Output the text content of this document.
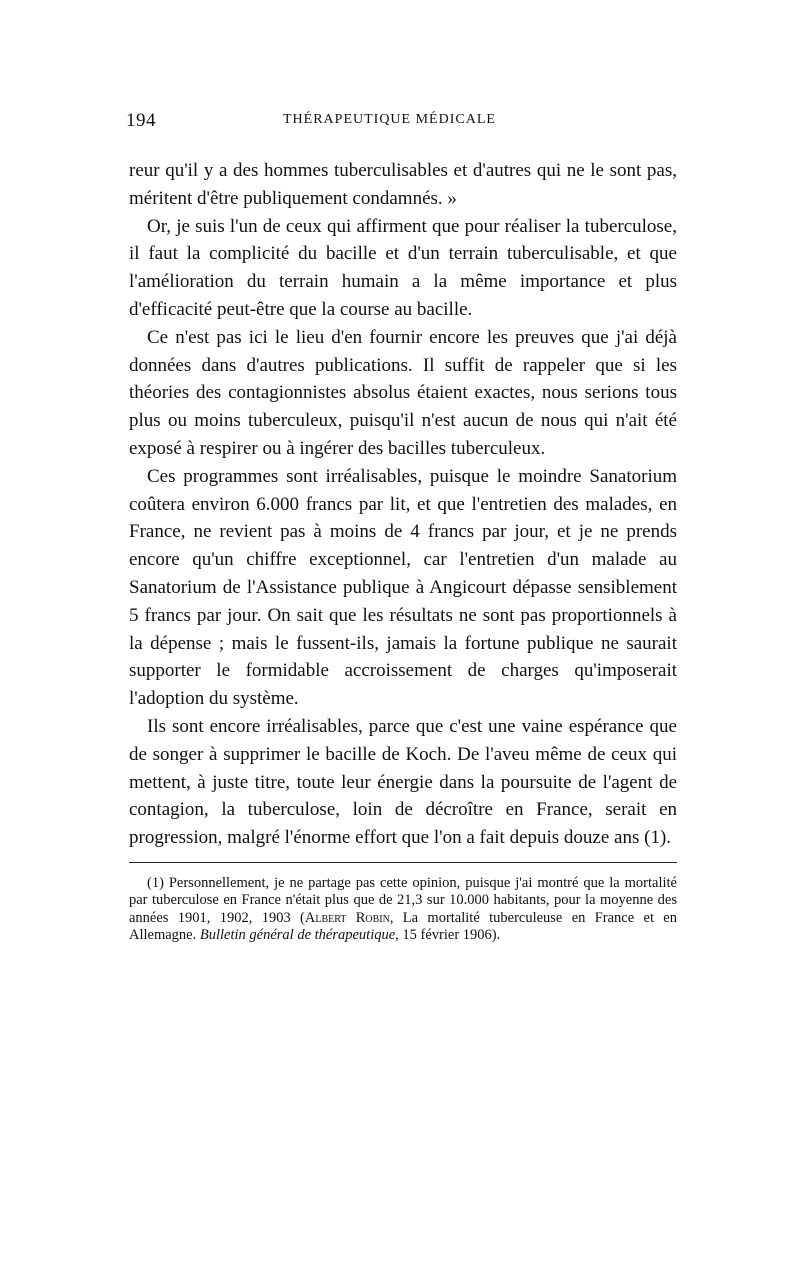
194	THÉRAPEUTIQUE MÉDICALE

reur qu'il y a des hommes tuberculisables et d'autres qui ne le sont pas, méritent d'être publiquement condamnés. »

Or, je suis l'un de ceux qui affirment que pour réaliser la tuberculose, il faut la complicité du bacille et d'un terrain tuberculisable, et que l'amélioration du terrain humain a la même importance et plus d'efficacité peut-être que la course au bacille.

Ce n'est pas ici le lieu d'en fournir encore les preuves que j'ai déjà données dans d'autres publications. Il suffit de rappeler que si les théories des contagionnistes absolus étaient exactes, nous serions tous plus ou moins tuberculeux, puisqu'il n'est aucun de nous qui n'ait été exposé à respirer ou à ingérer des bacilles tuberculeux.

Ces programmes sont irréalisables, puisque le moindre Sanatorium coûtera environ 6.000 francs par lit, et que l'entretien des malades, en France, ne revient pas à moins de 4 francs par jour, et je ne prends encore qu'un chiffre exceptionnel, car l'entretien d'un malade au Sanatorium de l'Assistance publique à Angicourt dépasse sensiblement 5 francs par jour. On sait que les résultats ne sont pas proportionnels à la dépense ; mais le fussent-ils, jamais la fortune publique ne saurait supporter le formidable accroissement de charges qu'imposerait l'adoption du système.

Ils sont encore irréalisables, parce que c'est une vaine espérance que de songer à supprimer le bacille de Koch. De l'aveu même de ceux qui mettent, à juste titre, toute leur énergie dans la poursuite de l'agent de contagion, la tuberculose, loin de décroître en France, serait en progression, malgré l'énorme effort que l'on a fait depuis douze ans (1).

(1) Personnellement, je ne partage pas cette opinion, puisque j'ai montré que la mortalité par tuberculose en France n'était plus que de 21,3 sur 10.000 habitants, pour la moyenne des années 1901, 1902, 1903 (Albert Robin, La mortalité tuberculeuse en France et en Allemagne. Bulletin général de thérapeutique, 15 février 1906).
